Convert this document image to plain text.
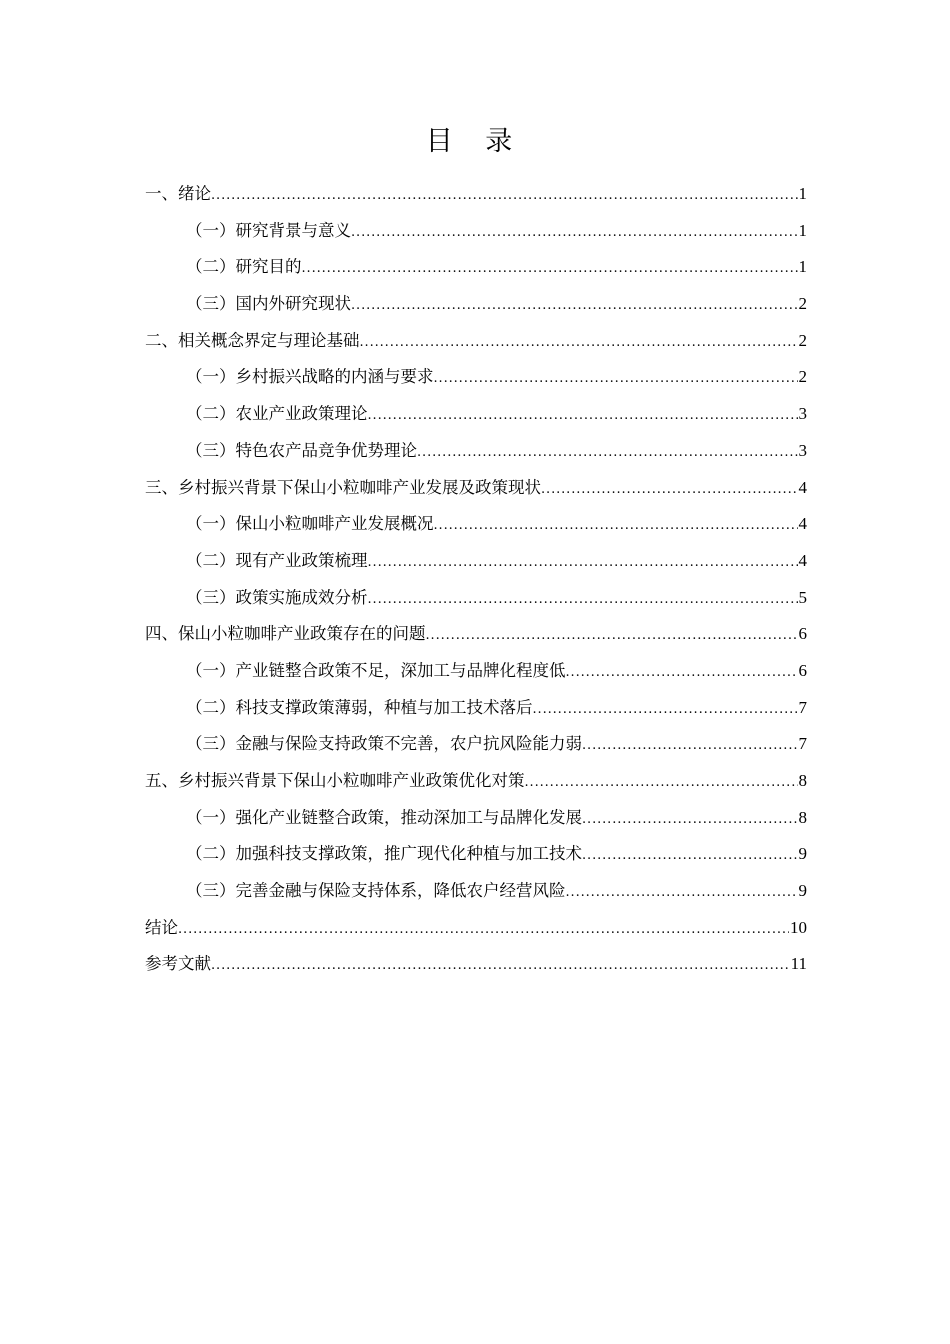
目 录
一、绪论 .....	1
（一）研究背景与意义 .....	1
（二）研究目的 .....	1
（三）国内外研究现状 .....	2
二、相关概念界定与理论基础 .....	2
（一）乡村振兴战略的内涵与要求 .....	2
（二）农业产业政策理论 .....	3
（三）特色农产品竞争优势理论 .....	3
三、乡村振兴背景下保山小粒咖啡产业发展及政策现状 .....	4
（一）保山小粒咖啡产业发展概况 .....	4
（二）现有产业政策梳理 .....	4
（三）政策实施成效分析 .....	5
四、保山小粒咖啡产业政策存在的问题 .....	6
（一）产业链整合政策不足，深加工与品牌化程度低 .....	6
（二）科技支撑政策薄弱，种植与加工技术落后 .....	7
（三）金融与保险支持政策不完善，农户抗风险能力弱 .....	7
五、乡村振兴背景下保山小粒咖啡产业政策优化对策 .....	8
（一）强化产业链整合政策，推动深加工与品牌化发展 .....	8
（二）加强科技支撑政策，推广现代化种植与加工技术 .....	9
（三）完善金融与保险支持体系，降低农户经营风险 .....	9
结论 .....	10
参考文献 .....	11
